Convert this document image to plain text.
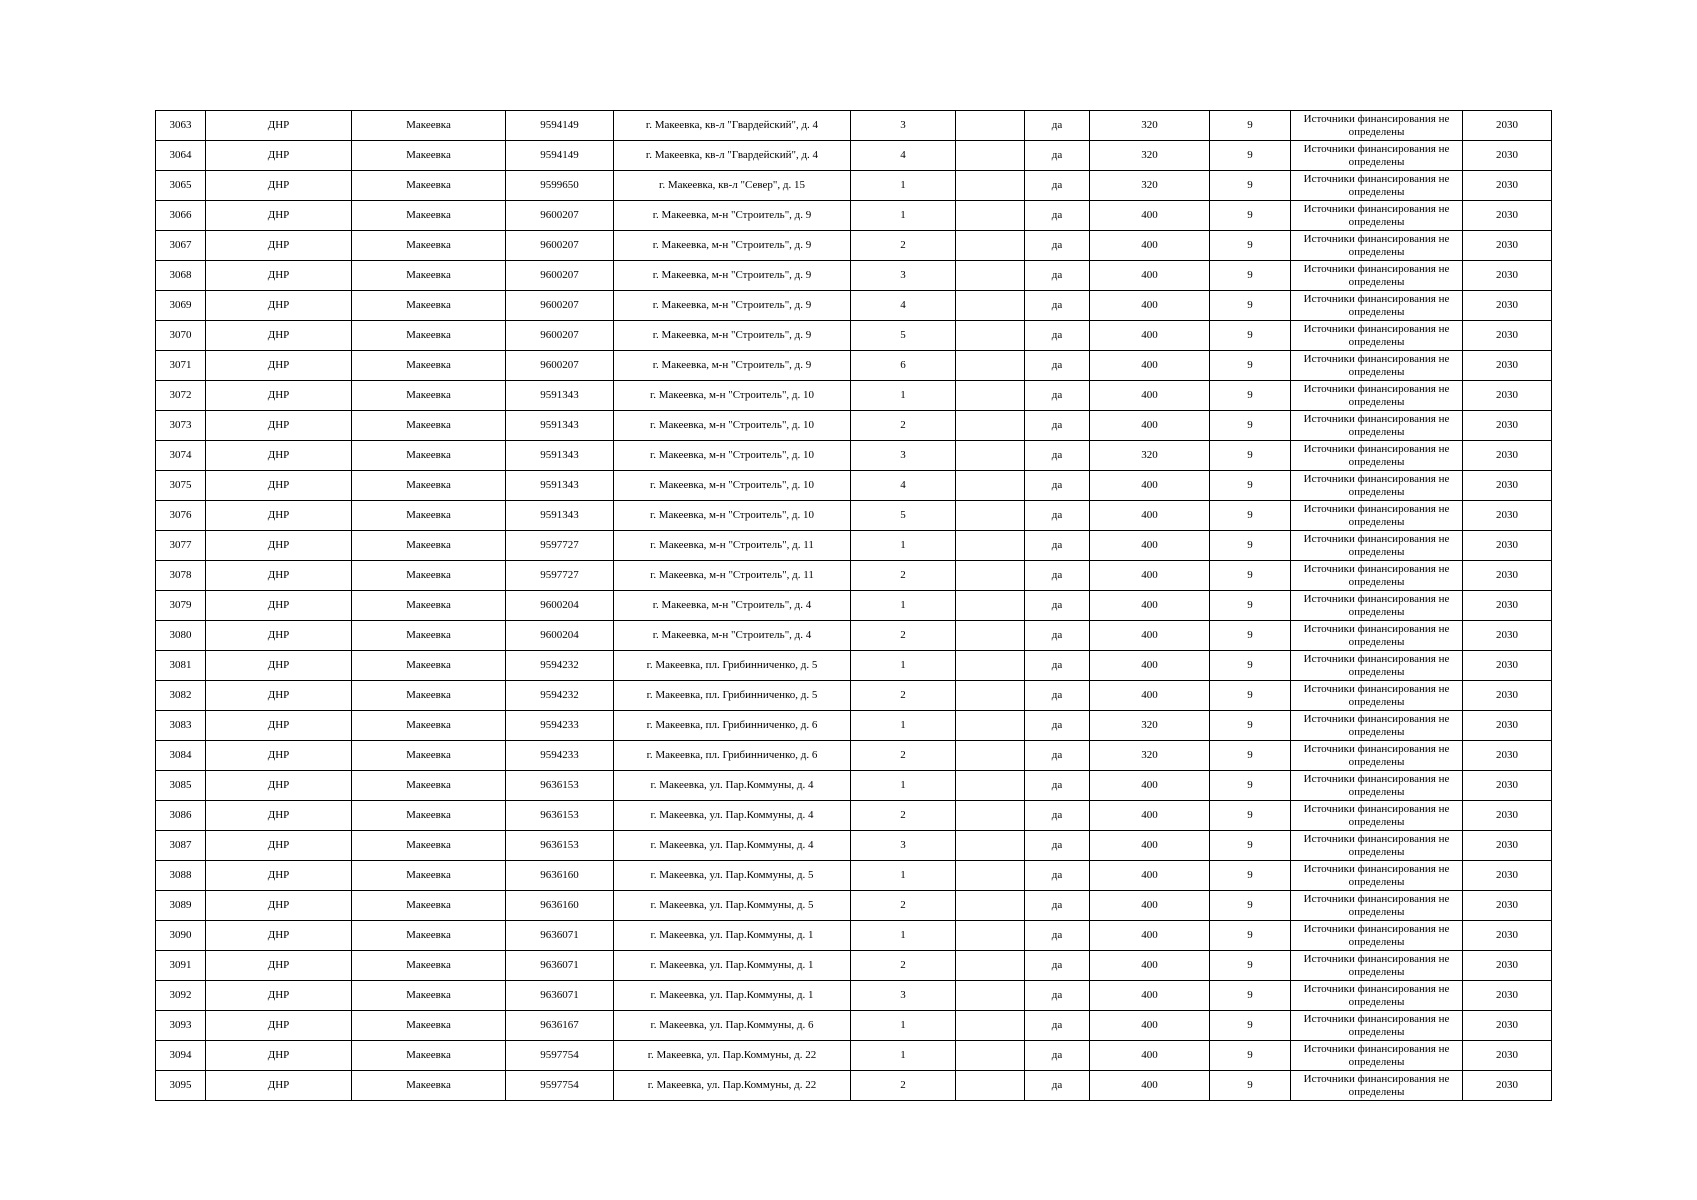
3063	ДНР	Макеевка	9594149	г. Макеевка, кв-л "Гвардейский", д. 4	3		да	320	9	Источники финансирования не определены	2030
3064	ДНР	Макеевка	9594149	г. Макеевка, кв-л "Гвардейский", д. 4	4		да	320	9	Источники финансирования не определены	2030
3065	ДНР	Макеевка	9599650	г. Макеевка, кв-л "Север", д. 15	1		да	320	9	Источники финансирования не определены	2030
3066	ДНР	Макеевка	9600207	г. Макеевка, м-н "Строитель", д. 9	1		да	400	9	Источники финансирования не определены	2030
3067	ДНР	Макеевка	9600207	г. Макеевка, м-н "Строитель", д. 9	2		да	400	9	Источники финансирования не определены	2030
3068	ДНР	Макеевка	9600207	г. Макеевка, м-н "Строитель", д. 9	3		да	400	9	Источники финансирования не определены	2030
3069	ДНР	Макеевка	9600207	г. Макеевка, м-н "Строитель", д. 9	4		да	400	9	Источники финансирования не определены	2030
3070	ДНР	Макеевка	9600207	г. Макеевка, м-н "Строитель", д. 9	5		да	400	9	Источники финансирования не определены	2030
3071	ДНР	Макеевка	9600207	г. Макеевка, м-н "Строитель", д. 9	6		да	400	9	Источники финансирования не определены	2030
3072	ДНР	Макеевка	9591343	г. Макеевка, м-н "Строитель", д. 10	1		да	400	9	Источники финансирования не определены	2030
3073	ДНР	Макеевка	9591343	г. Макеевка, м-н "Строитель", д. 10	2		да	400	9	Источники финансирования не определены	2030
3074	ДНР	Макеевка	9591343	г. Макеевка, м-н "Строитель", д. 10	3		да	320	9	Источники финансирования не определены	2030
3075	ДНР	Макеевка	9591343	г. Макеевка, м-н "Строитель", д. 10	4		да	400	9	Источники финансирования не определены	2030
3076	ДНР	Макеевка	9591343	г. Макеевка, м-н "Строитель", д. 10	5		да	400	9	Источники финансирования не определены	2030
3077	ДНР	Макеевка	9597727	г. Макеевка, м-н "Строитель", д. 11	1		да	400	9	Источники финансирования не определены	2030
3078	ДНР	Макеевка	9597727	г. Макеевка, м-н "Строитель", д. 11	2		да	400	9	Источники финансирования не определены	2030
3079	ДНР	Макеевка	9600204	г. Макеевка, м-н "Строитель", д. 4	1		да	400	9	Источники финансирования не определены	2030
3080	ДНР	Макеевка	9600204	г. Макеевка, м-н "Строитель", д. 4	2		да	400	9	Источники финансирования не определены	2030
3081	ДНР	Макеевка	9594232	г. Макеевка, пл. Грибинниченко, д. 5	1		да	400	9	Источники финансирования не определены	2030
3082	ДНР	Макеевка	9594232	г. Макеевка, пл. Грибинниченко, д. 5	2		да	400	9	Источники финансирования не определены	2030
3083	ДНР	Макеевка	9594233	г. Макеевка, пл. Грибинниченко, д. 6	1		да	320	9	Источники финансирования не определены	2030
3084	ДНР	Макеевка	9594233	г. Макеевка, пл. Грибинниченко, д. 6	2		да	320	9	Источники финансирования не определены	2030
3085	ДНР	Макеевка	9636153	г. Макеевка, ул. Пар.Коммуны, д. 4	1		да	400	9	Источники финансирования не определены	2030
3086	ДНР	Макеевка	9636153	г. Макеевка, ул. Пар.Коммуны, д. 4	2		да	400	9	Источники финансирования не определены	2030
3087	ДНР	Макеевка	9636153	г. Макеевка, ул. Пар.Коммуны, д. 4	3		да	400	9	Источники финансирования не определены	2030
3088	ДНР	Макеевка	9636160	г. Макеевка, ул. Пар.Коммуны, д. 5	1		да	400	9	Источники финансирования не определены	2030
3089	ДНР	Макеевка	9636160	г. Макеевка, ул. Пар.Коммуны, д. 5	2		да	400	9	Источники финансирования не определены	2030
3090	ДНР	Макеевка	9636071	г. Макеевка, ул. Пар.Коммуны, д. 1	1		да	400	9	Источники финансирования не определены	2030
3091	ДНР	Макеевка	9636071	г. Макеевка, ул. Пар.Коммуны, д. 1	2		да	400	9	Источники финансирования не определены	2030
3092	ДНР	Макеевка	9636071	г. Макеевка, ул. Пар.Коммуны, д. 1	3		да	400	9	Источники финансирования не определены	2030
3093	ДНР	Макеевка	9636167	г. Макеевка, ул. Пар.Коммуны, д. 6	1		да	400	9	Источники финансирования не определены	2030
3094	ДНР	Макеевка	9597754	г. Макеевка, ул. Пар.Коммуны, д. 22	1		да	400	9	Источники финансирования не определены	2030
3095	ДНР	Макеевка	9597754	г. Макеевка, ул. Пар.Коммуны, д. 22	2		да	400	9	Источники финансирования не определены	2030
